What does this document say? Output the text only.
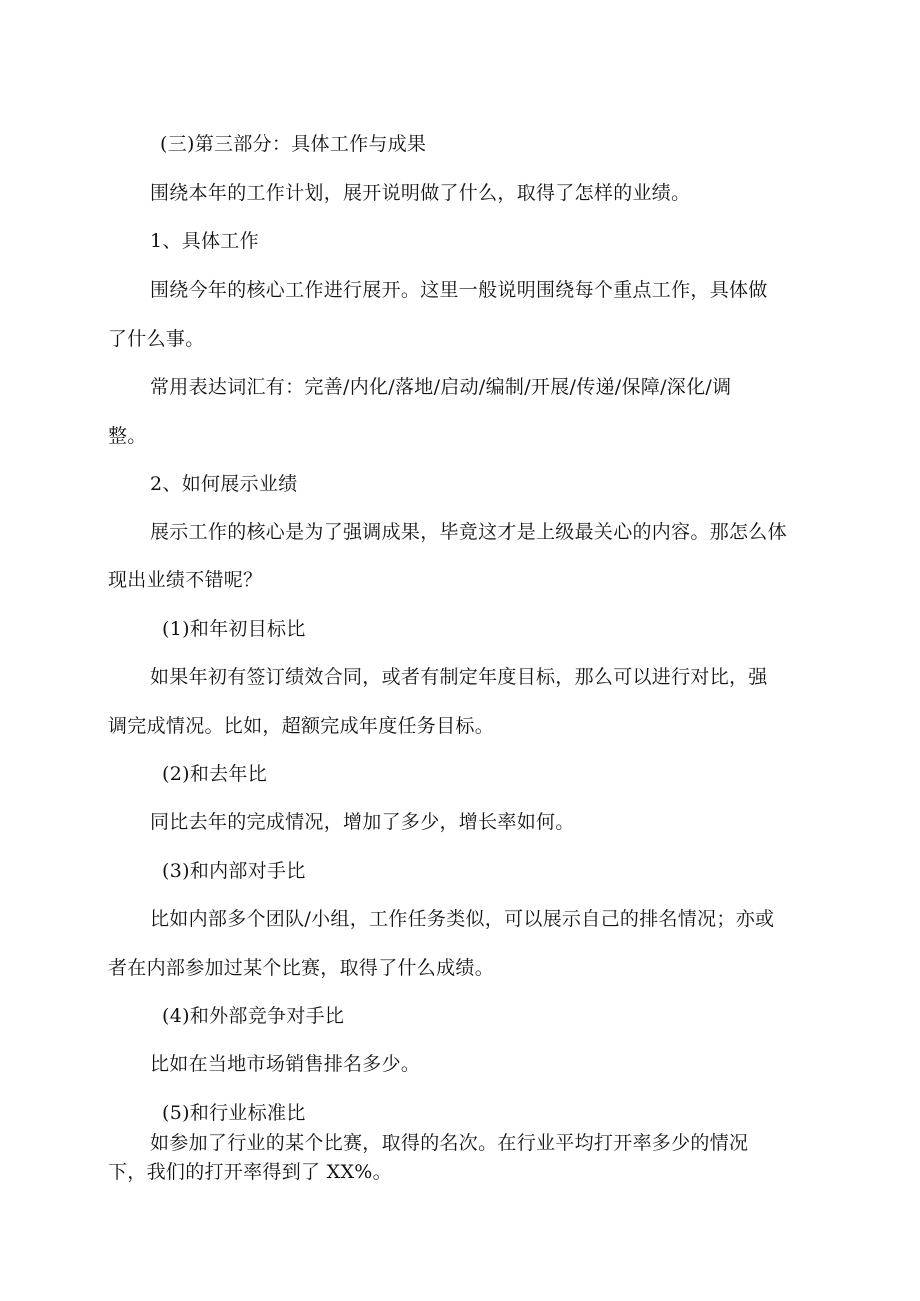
(三)第三部分：具体工作与成果
围绕本年的工作计划，展开说明做了什么，取得了怎样的业绩。
1、具体工作
围绕今年的核心工作进行展开。这里一般说明围绕每个重点工作，具体做
了什么事。
常用表达词汇有：完善/内化/落地/启动/编制/开展/传递/保障/深化/调
整。
2、如何展示业绩
展示工作的核心是为了强调成果，毕竟这才是上级最关心的内容。那怎么体
现出业绩不错呢？
(1)和年初目标比
如果年初有签订绩效合同，或者有制定年度目标，那么可以进行对比，强
调完成情况。比如，超额完成年度任务目标。
(2)和去年比
同比去年的完成情况，增加了多少，增长率如何。
(3)和内部对手比
比如内部多个团队/小组，工作任务类似，可以展示自己的排名情况；亦或
者在内部参加过某个比赛，取得了什么成绩。
(4)和外部竞争对手比
比如在当地市场销售排名多少。
(5)和行业标准比
如参加了行业的某个比赛，取得的名次。在行业平均打开率多少的情况
下，我们的打开率得到了 XX%。
